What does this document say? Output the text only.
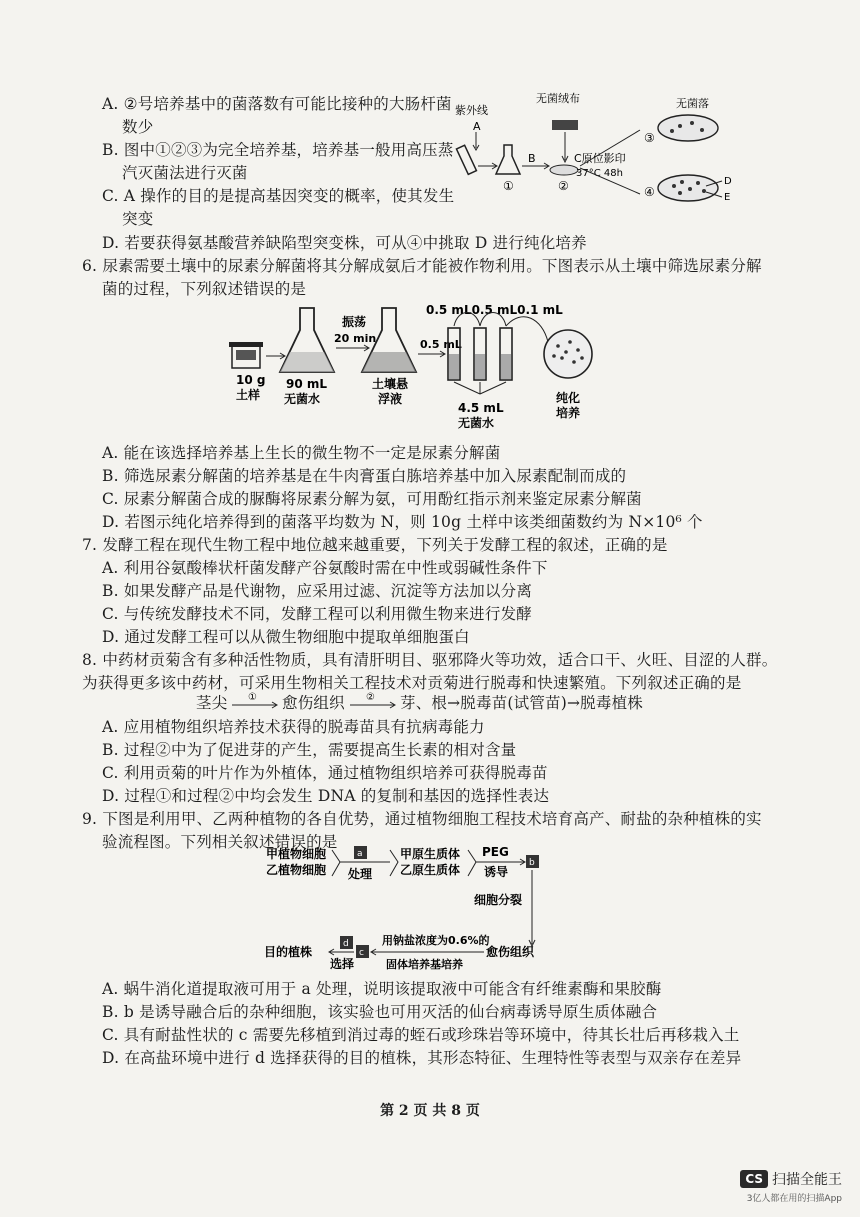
A. ②号培养基中的菌落数有可能比接种的大肠杆菌
数少
B. 图中①②③为完全培养基，培养基一般用高压蒸
汽灭菌法进行灭菌
C. A 操作的目的是提高基因突变的概率，使其发生
突变
D. 若要获得氨基酸营养缺陷型突变株，可从④中挑取 D 进行纯化培养
紫外线
A
①
B
②
无菌绒布
C原位影印
37°C 48h
③
无菌落
④
D
E
6. 尿素需要土壤中的尿素分解菌将其分解成氨后才能被作物利用。下图表示从土壤中筛选尿素分解
菌的过程，下列叙述错误的是
10 g
土样
90 mL
无菌水
振荡
20 min
土壤悬
浮液
0.5 mL
0.5 mL0.5 mL0.1 mL
4.5 mL
无菌水
纯化
培养
A. 能在该选择培养基上生长的微生物不一定是尿素分解菌
B. 筛选尿素分解菌的培养基是在牛肉膏蛋白胨培养基中加入尿素配制而成的
C. 尿素分解菌合成的脲酶将尿素分解为氨，可用酚红指示剂来鉴定尿素分解菌
D. 若图示纯化培养得到的菌落平均数为 N，则 10g 土样中该类细菌数约为 N×10⁶ 个
7. 发酵工程在现代生物工程中地位越来越重要，下列关于发酵工程的叙述，正确的是
A. 利用谷氨酸棒状杆菌发酵产谷氨酸时需在中性或弱碱性条件下
B. 如果发酵产品是代谢物，应采用过滤、沉淀等方法加以分离
C. 与传统发酵技术不同，发酵工程可以利用微生物来进行发酵
D. 通过发酵工程可以从微生物细胞中提取单细胞蛋白
8. 中药材贡菊含有多种活性物质，具有清肝明目、驱邪降火等功效，适合口干、火旺、目涩的人群。
为获得更多该中药材，可采用生物相关工程技术对贡菊进行脱毒和快速繁殖。下列叙述正确的是
茎尖 ① 愈伤组织 ② 芽、根→脱毒苗(试管苗)→脱毒植株
A. 应用植物组织培养技术获得的脱毒苗具有抗病毒能力
B. 过程②中为了促进芽的产生，需要提高生长素的相对含量
C. 利用贡菊的叶片作为外植体，通过植物组织培养可获得脱毒苗
D. 过程①和过程②中均会发生 DNA 的复制和基因的选择性表达
9. 下图是利用甲、乙两种植物的各自优势，通过植物细胞工程技术培育高产、耐盐的杂种植株的实
验流程图。下列相关叙述错误的是
甲植物细胞
乙植物细胞
a
处理
甲原生质体
乙原生质体
PEG
诱导
b
细胞分裂
愈伤组织
用钠盐浓度为0.6%的
固体培养基培养
c
选择
d
目的植株
A. 蜗牛消化道提取液可用于 a 处理，说明该提取液中可能含有纤维素酶和果胶酶
B. b 是诱导融合后的杂种细胞，该实验也可用灭活的仙台病毒诱导原生质体融合
C. 具有耐盐性状的 c 需要先移植到消过毒的蛭石或珍珠岩等环境中，待其长壮后再移栽入土
D. 在高盐环境中进行 d 选择获得的目的植株，其形态特征、生理特性等表型与双亲存在差异
第 2 页 共 8 页
CS 扫描全能王
3亿人都在用的扫描App
